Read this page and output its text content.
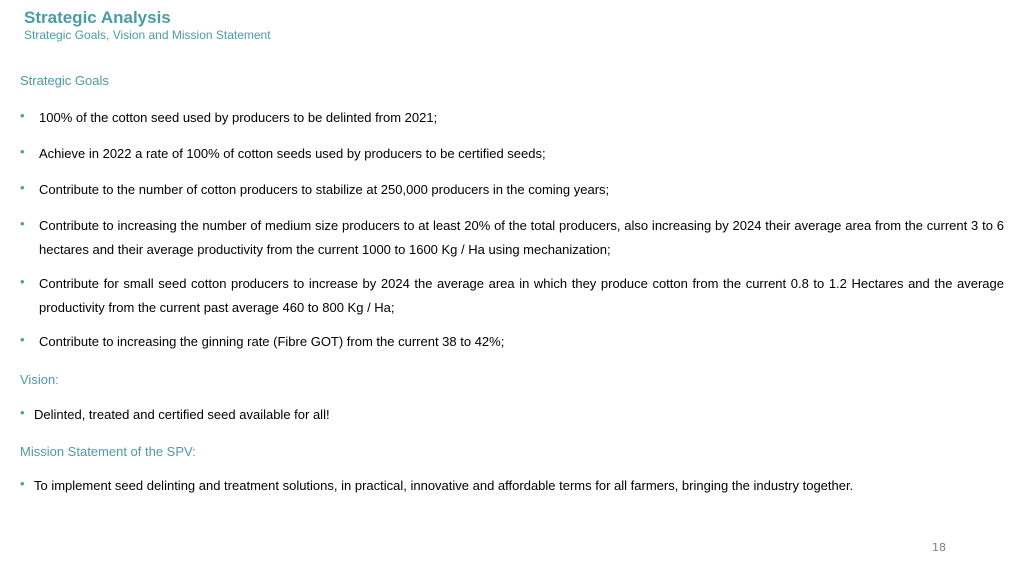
Strategic Analysis
Strategic Goals, Vision and Mission Statement
Strategic Goals
• 100% of the cotton seed used by producers to be delinted from 2021;
• Achieve in 2022 a rate of 100% of cotton seeds used by producers to be certified seeds;
• Contribute to the number of cotton producers to stabilize at 250,000 producers in the coming years;
• Contribute to increasing the number of medium size producers to at least 20% of the total producers, also increasing by 2024 their average area from the current 3 to 6 hectares and their average productivity from the current 1000 to 1600 Kg / Ha using mechanization;
• Contribute for small seed cotton producers to increase by 2024 the average area in which they produce cotton from the current 0.8 to 1.2 Hectares and the average productivity from the current past average 460 to 800 Kg / Ha;
• Contribute to increasing the ginning rate (Fibre GOT) from the current 38 to 42%;
Vision:
• Delinted, treated and certified seed available for all!
Mission Statement of the SPV:
• To implement seed delinting and treatment solutions, in practical, innovative and affordable terms for all farmers, bringing the industry together.
18
